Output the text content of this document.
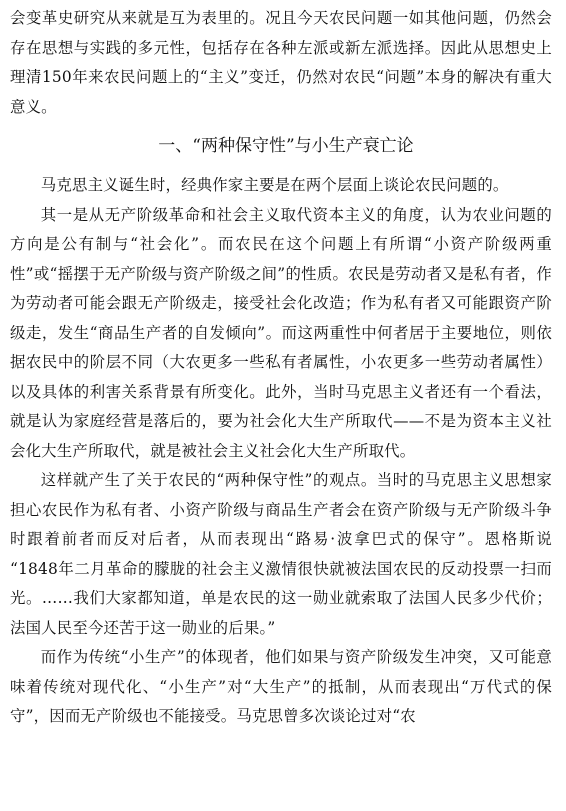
会变革史研究从来就是互为表里的。况且今天农民问题一如其他问题，仍然会存在思想与实践的多元性，包括存在各种左派或新左派选择。因此从思想史上理清150年来农民问题上的“主义”变迁，仍然对农民“问题”本身的解决有重大意义。

一、“两种保守性”与小生产衰亡论

马克思主义诞生时，经典作家主要是在两个层面上谈论农民问题的。

其一是从无产阶级革命和社会主义取代资本主义的角度，认为农业问题的方向是公有制与“社会化”。而农民在这个问题上有所谓“小资产阶级两重性”或“摇摆于无产阶级与资产阶级之间”的性质。农民是劳动者又是私有者，作为劳动者可能会跟无产阶级走，接受社会化改造；作为私有者又可能跟资产阶级走，发生“商品生产者的自发倾向”。而这两重性中何者居于主要地位，则依据农民中的阶层不同（大农更多一些私有者属性，小农更多一些劳动者属性）以及具体的利害关系背景有所变化。此外，当时马克思主义者还有一个看法，就是认为家庭经营是落后的，要为社会化大生产所取代——不是为资本主义社会化大生产所取代，就是被社会主义社会化大生产所取代。

这样就产生了关于农民的“两种保守性”的观点。当时的马克思主义思想家担心农民作为私有者、小资产阶级与商品生产者会在资产阶级与无产阶级斗争时跟着前者而反对后者，从而表现出“路易·波拿巴式的保守”。恩格斯说 “1848年二月革命的朦胧的社会主义激情很快就被法国农民的反动投票一扫而光。……我们大家都知道，单是农民的这一勋业就索取了法国人民多少代价；法国人民至今还苦于这一勋业的后果。”

而作为传统“小生产”的体现者，他们如果与资产阶级发生冲突，又可能意味着传统对现代化、“小生产”对“大生产”的抵制，从而表现出“万代式的保守”，因而无产阶级也不能接受。马克思曾多次谈论过对“农
